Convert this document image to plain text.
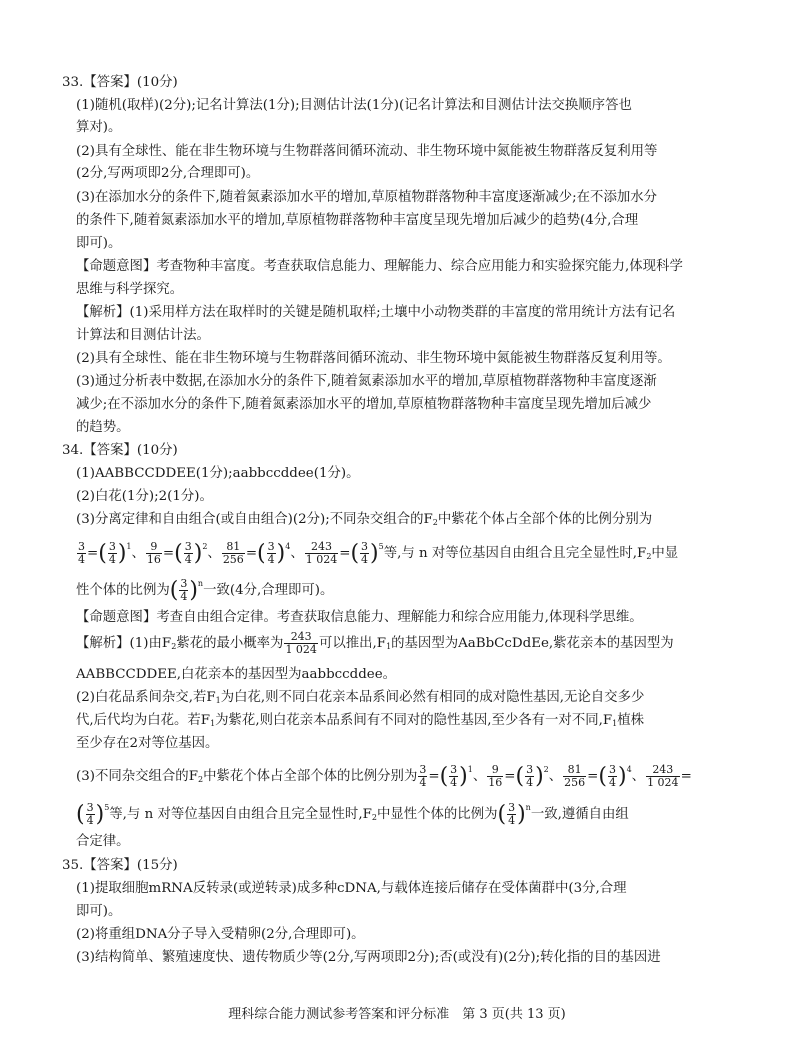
33.【答案】(10分)
(1)随机(取样)(2分);记名计算法(1分);目测估计法(1分)(记名计算法和目测估计法交换顺序答也
算对)。
(2)具有全球性、能在非生物环境与生物群落间循环流动、非生物环境中氮能被生物群落反复利用等
(2分,写两项即2分,合理即可)。
(3)在添加水分的条件下,随着氮素添加水平的增加,草原植物群落物种丰富度逐渐减少;在不添加水分
的条件下,随着氮素添加水平的增加,草原植物群落物种丰富度呈现先增加后减少的趋势(4分,合理
即可)。
【命题意图】考查物种丰富度。考查获取信息能力、理解能力、综合应用能力和实验探究能力,体现科学
思维与科学探究。
【解析】(1)采用样方法在取样时的关键是随机取样;土壤中小动物类群的丰富度的常用统计方法有记名
计算法和目测估计法。
(2)具有全球性、能在非生物环境与生物群落间循环流动、非生物环境中氮能被生物群落反复利用等。
(3)通过分析表中数据,在添加水分的条件下,随着氮素添加水平的增加,草原植物群落物种丰富度逐渐
减少;在不添加水分的条件下,随着氮素添加水平的增加,草原植物群落物种丰富度呈现先增加后减少
的趋势。
34.【答案】(10分)
(1)AABBCCDDEE(1分);aabbccddee(1分)。
(2)白花(1分);2(1分)。
(3)分离定律和自由组合(或自由组合)(2分);不同杂交组合的$F_2$中紫花个体占全部个体的比例分别为
$\frac{3}{4}$ =( $\frac{3}{4} )^1$、 $\frac{9}{16}$ =( $\frac{3}{4} )^2$、 $\frac{81}{256}$ =( $\frac{3}{4} )^4$、 $\frac{243}{1 024}$ =( $\frac{3}{4} )^5$等,与 n 对等位基因自由组合且完全显性时$,F_2$中显
性个体的比例为( $\frac{3}{4} )^n$一致(4分,合理即可)。
【命题意图】考查自由组合定律。考查获取信息能力、理解能力和综合应用能力,体现科学思维。
【解析】(1)由$F_2$紫花的最小概率为 $\frac{243}{1 024}$ 可以推出$,F_1$的基因型为AaBbCcDdEe,紫花亲本的基因型为
AABBCCDDEE,白花亲本的基因型为aabbccddee。
(2)白花品系间杂交,若$F_1$为白花,则不同白花亲本品系间必然有相同的成对隐性基因,无论自交多少
代,后代均为白花。若$F_1$为紫花,则白花亲本品系间有不同对的隐性基因,至少各有一对不同$,F_1$植株
至少存在2对等位基因。
(3)不同杂交组合的$F_2$中紫花个体占全部个体的比例分别为 $\frac{3}{4}$ =( $\frac{3}{4} )^1$、 $\frac{9}{16}$ =( $\frac{3}{4} )^2$、 $\frac{81}{256}$ =( $\frac{3}{4} )^4$、 $\frac{243}{1 024}$ =
( $\frac{3}{4} )^5$等,与 n 对等位基因自由组合且完全显性时$,F_2$中显性个体的比例为( $\frac{3}{4} )^n$一致,遵循自由组
合定律。
35.【答案】(15分)
(1)提取细胞mRNA反转录(或逆转录)成多种cDNA,与载体连接后储存在受体菌群中(3分,合理
即可)。
(2)将重组DNA分子导入受精卵(2分,合理即可)。
(3)结构简单、繁殖速度快、遗传物质少等(2分,写两项即2分);否(或没有)(2分);转化指的目的基因进
理科综合能力测试参考答案和评分标准　第 3 页(共 13 页)
